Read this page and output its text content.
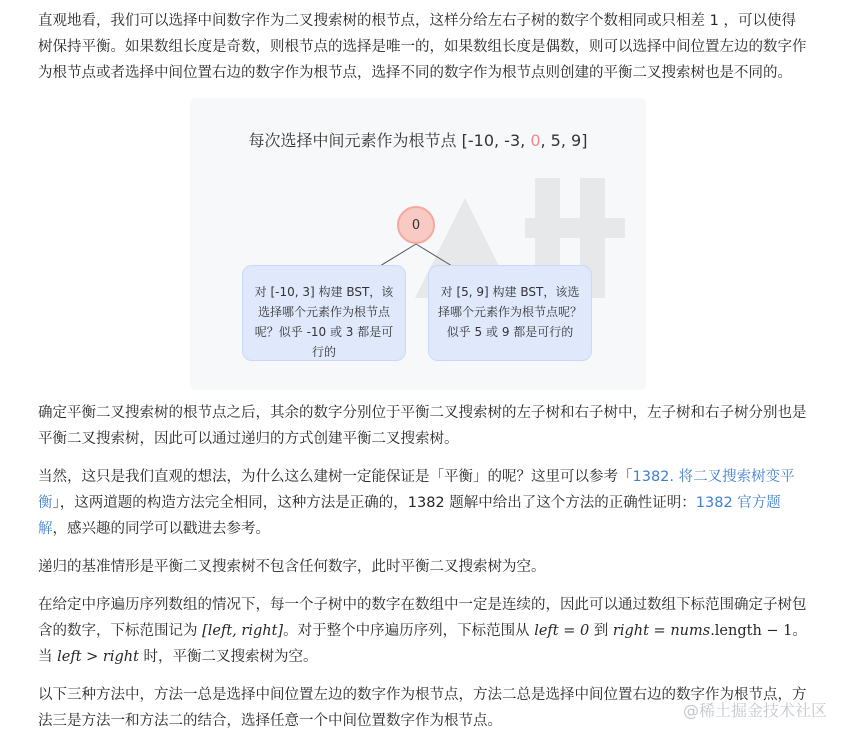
直观地看，我们可以选择中间数字作为二叉搜索树的根节点，这样分给左右子树的数字个数相同或只相差 1 ，可以使得树保持平衡。如果数组长度是奇数，则根节点的选择是唯一的，如果数组长度是偶数，则可以选择中间位置左边的数字作为根节点或者选择中间位置右边的数字作为根节点，选择不同的数字作为根节点则创建的平衡二叉搜索树也是不同的。

每次选择中间元素作为根节点 [-10, -3, 0, 5, 9]
0
对 [-10, 3] 构建 BST，该选择哪个元素作为根节点呢？似乎 -10 或 3 都是可行的
对 [5, 9] 构建 BST，该选择哪个元素作为根节点呢？似乎 5 或 9 都是可行的

确定平衡二叉搜索树的根节点之后，其余的数字分别位于平衡二叉搜索树的左子树和右子树中，左子树和右子树分别也是平衡二叉搜索树，因此可以通过递归的方式创建平衡二叉搜索树。

当然，这只是我们直观的想法，为什么这么建树一定能保证是「平衡」的呢？这里可以参考「1382. 将二叉搜索树变平衡」，这两道题的构造方法完全相同，这种方法是正确的，1382 题解中给出了这个方法的正确性证明：1382 官方题解，感兴趣的同学可以戳进去参考。

递归的基准情形是平衡二叉搜索树不包含任何数字，此时平衡二叉搜索树为空。

在给定中序遍历序列数组的情况下，每一个子树中的数字在数组中一定是连续的，因此可以通过数组下标范围确定子树包含的数字，下标范围记为 [left, right]。对于整个中序遍历序列，下标范围从 left = 0 到 right = nums.length − 1。当 left > right 时，平衡二叉搜索树为空。

以下三种方法中，方法一总是选择中间位置左边的数字作为根节点，方法二总是选择中间位置右边的数字作为根节点，方法三是方法一和方法二的结合，选择任意一个中间位置数字作为根节点。

@稀土掘金技术社区
